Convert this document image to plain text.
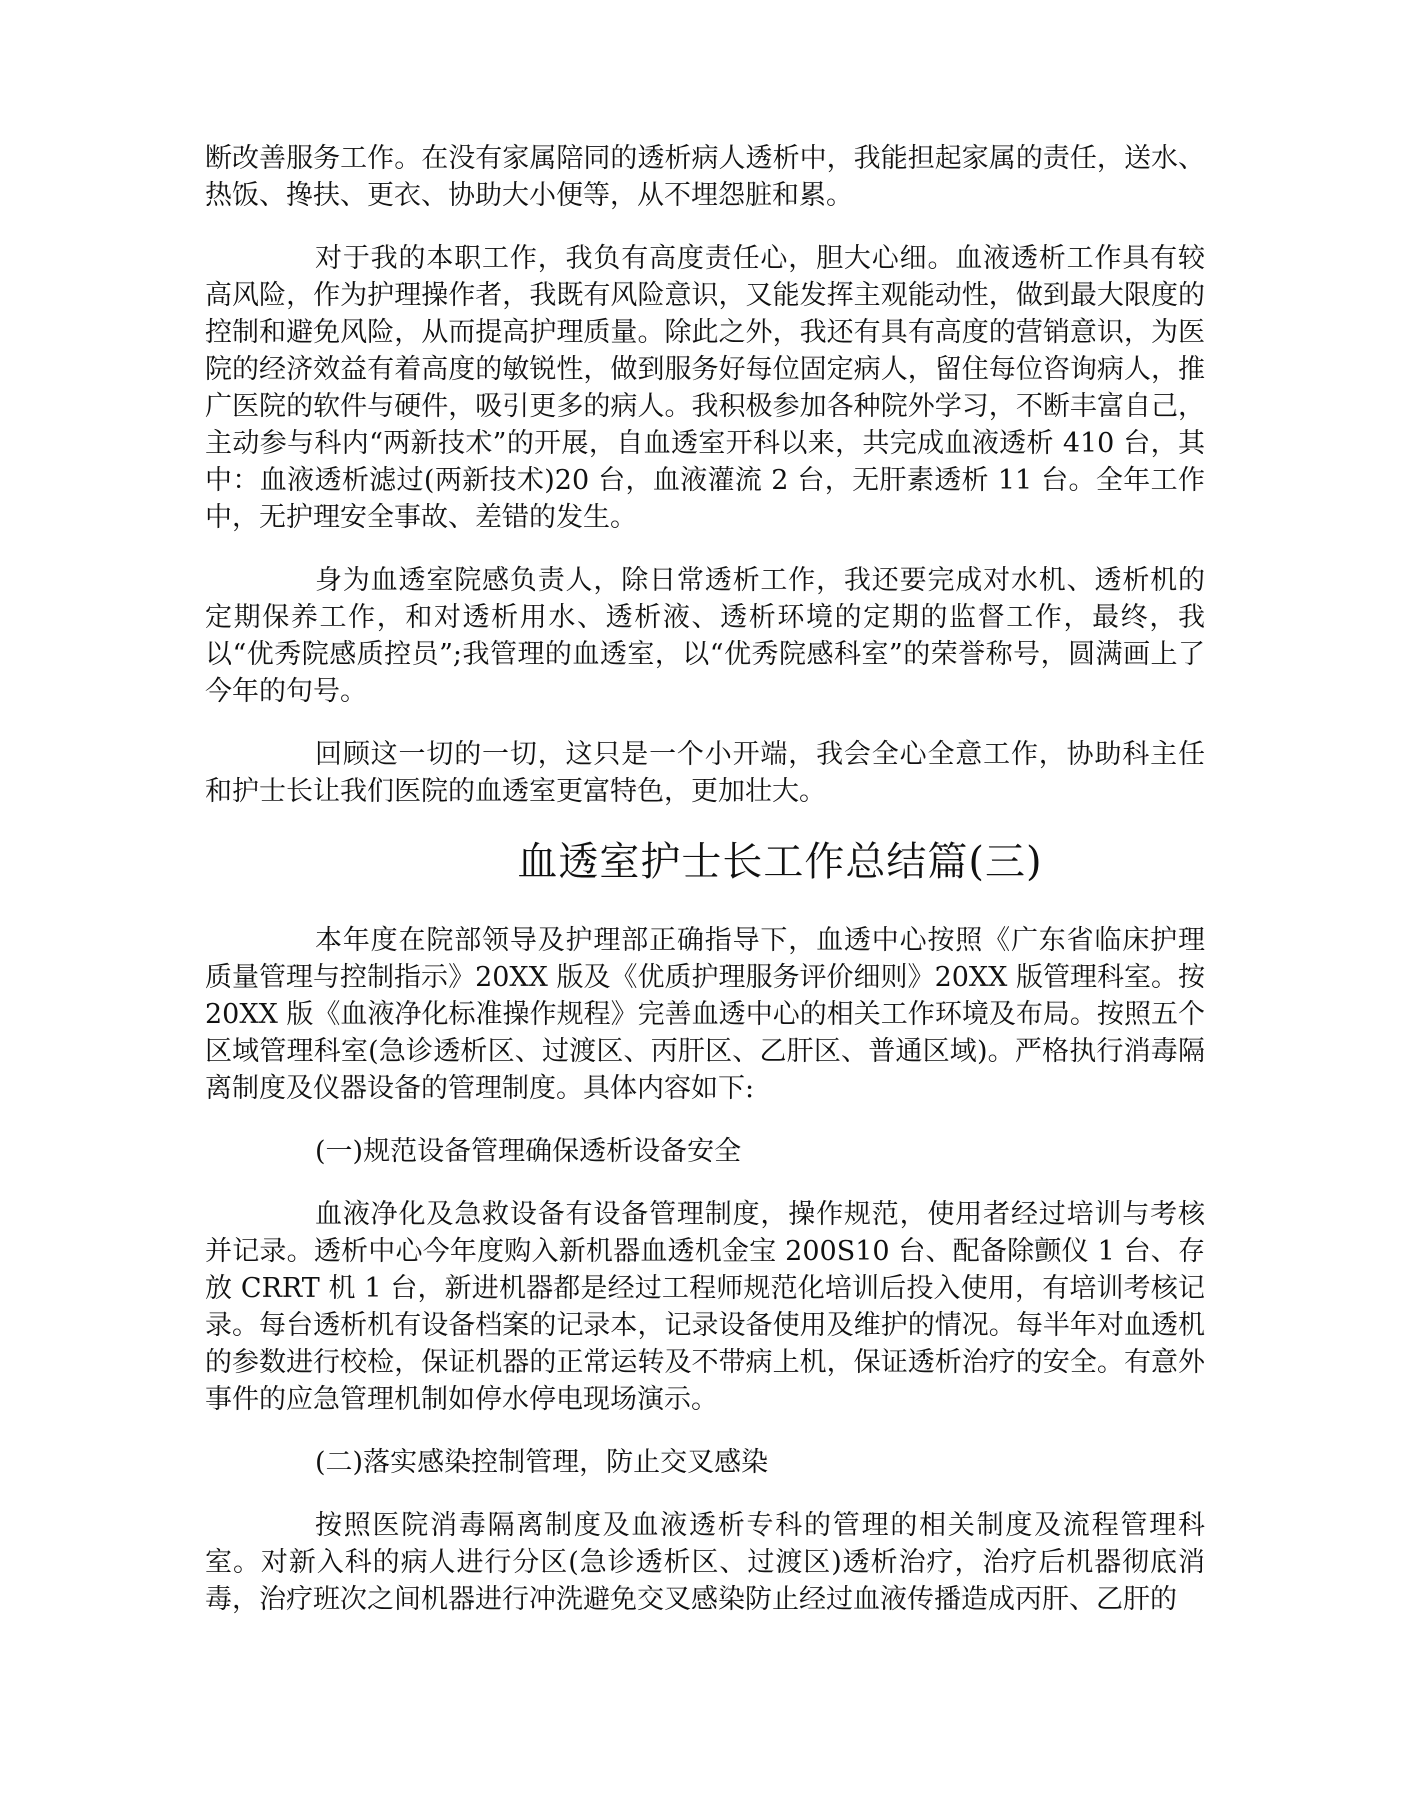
断改善服务工作。在没有家属陪同的透析病人透析中，我能担起家属的责任，送水、热饭、搀扶、更衣、协助大小便等，从不埋怨脏和累。

对于我的本职工作，我负有高度责任心，胆大心细。血液透析工作具有较高风险，作为护理操作者，我既有风险意识，又能发挥主观能动性，做到最大限度的控制和避免风险，从而提高护理质量。除此之外，我还有具有高度的营销意识，为医院的经济效益有着高度的敏锐性，做到服务好每位固定病人，留住每位咨询病人，推广医院的软件与硬件，吸引更多的病人。我积极参加各种院外学习，不断丰富自己，主动参与科内“两新技术”的开展，自血透室开科以来，共完成血液透析 410 台，其中：血液透析滤过(两新技术)20 台，血液灌流 2 台，无肝素透析 11 台。全年工作中，无护理安全事故、差错的发生。

身为血透室院感负责人，除日常透析工作，我还要完成对水机、透析机的定期保养工作，和对透析用水、透析液、透析环境的定期的监督工作，最终，我以“优秀院感质控员”;我管理的血透室，以“优秀院感科室”的荣誉称号，圆满画上了今年的句号。

回顾这一切的一切，这只是一个小开端，我会全心全意工作，协助科主任和护士长让我们医院的血透室更富特色，更加壮大。

血透室护士长工作总结篇(三)

本年度在院部领导及护理部正确指导下，血透中心按照《广东省临床护理质量管理与控制指示》20XX 版及《优质护理服务评价细则》20XX 版管理科室。按 20XX 版《血液净化标准操作规程》完善血透中心的相关工作环境及布局。按照五个区域管理科室(急诊透析区、过渡区、丙肝区、乙肝区、普通区域)。严格执行消毒隔离制度及仪器设备的管理制度。具体内容如下:

(一)规范设备管理确保透析设备安全

血液净化及急救设备有设备管理制度，操作规范，使用者经过培训与考核并记录。透析中心今年度购入新机器血透机金宝 200S10 台、配备除颤仪 1 台、存放 CRRT 机 1 台，新进机器都是经过工程师规范化培训后投入使用，有培训考核记录。每台透析机有设备档案的记录本，记录设备使用及维护的情况。每半年对血透机的参数进行校检，保证机器的正常运转及不带病上机，保证透析治疗的安全。有意外事件的应急管理机制如停水停电现场演示。

(二)落实感染控制管理，防止交叉感染

按照医院消毒隔离制度及血液透析专科的管理的相关制度及流程管理科室。对新入科的病人进行分区(急诊透析区、过渡区)透析治疗，治疗后机器彻底消毒，治疗班次之间机器进行冲洗避免交叉感染防止经过血液传播造成丙肝、乙肝的
